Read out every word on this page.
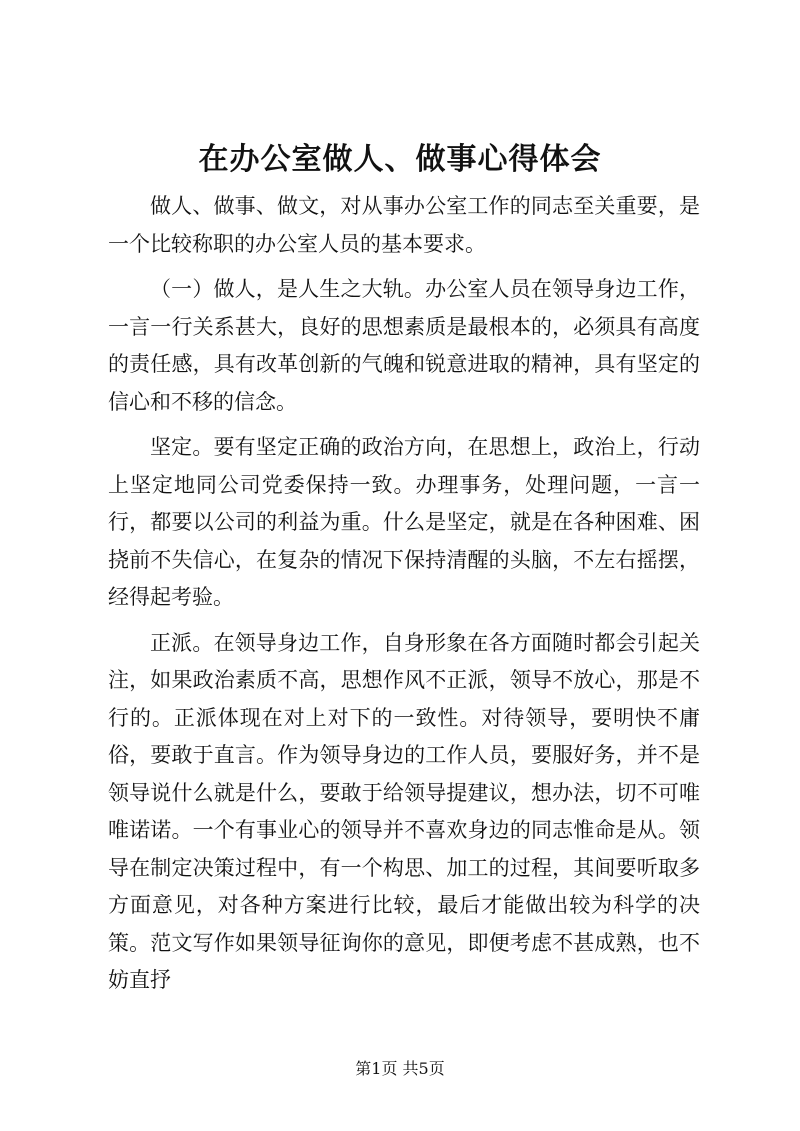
在办公室做人、做事心得体会

做人、做事、做文，对从事办公室工作的同志至关重要，是一个比较称职的办公室人员的基本要求。

（一）做人，是人生之大轨。办公室人员在领导身边工作，一言一行关系甚大，良好的思想素质是最根本的，必须具有高度的责任感，具有改革创新的气魄和锐意进取的精神，具有坚定的信心和不移的信念。

坚定。要有坚定正确的政治方向，在思想上，政治上，行动上坚定地同公司党委保持一致。办理事务，处理问题，一言一行，都要以公司的利益为重。什么是坚定，就是在各种困难、困挠前不失信心，在复杂的情况下保持清醒的头脑，不左右摇摆，经得起考验。

正派。在领导身边工作，自身形象在各方面随时都会引起关注，如果政治素质不高，思想作风不正派，领导不放心，那是不行的。正派体现在对上对下的一致性。对待领导，要明快不庸俗，要敢于直言。作为领导身边的工作人员，要服好务，并不是领导说什么就是什么，要敢于给领导提建议，想办法，切不可唯唯诺诺。一个有事业心的领导并不喜欢身边的同志惟命是从。领导在制定决策过程中，有一个构思、加工的过程，其间要听取多方面意见，对各种方案进行比较，最后才能做出较为科学的决策。范文写作如果领导征询你的意见，即便考虑不甚成熟，也不妨直抒

第1页 共5页
